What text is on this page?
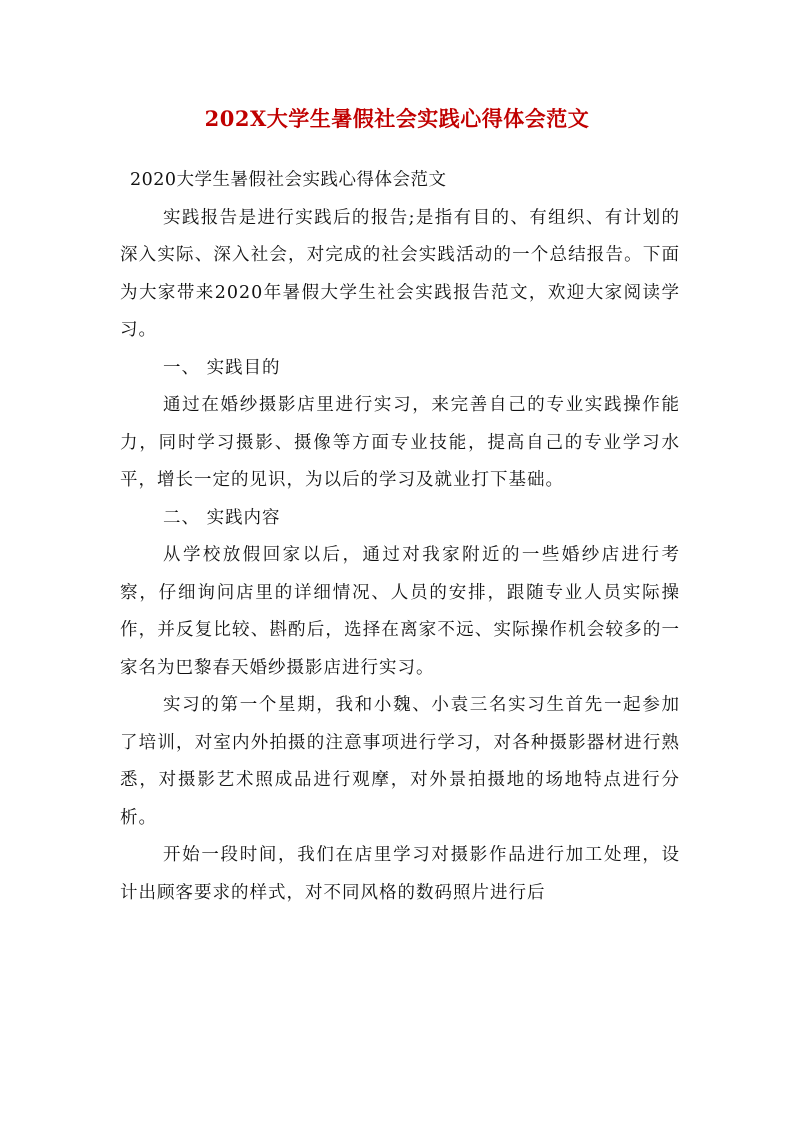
202X大学生暑假社会实践心得体会范文

2020大学生暑假社会实践心得体会范文

实践报告是进行实践后的报告;是指有目的、有组织、有计划的深入实际、深入社会，对完成的社会实践活动的一个总结报告。下面为大家带来2020年暑假大学生社会实践报告范文，欢迎大家阅读学习。

一、 实践目的

通过在婚纱摄影店里进行实习，来完善自己的专业实践操作能力，同时学习摄影、摄像等方面专业技能，提高自己的专业学习水平，增长一定的见识，为以后的学习及就业打下基础。

二、 实践内容

从学校放假回家以后，通过对我家附近的一些婚纱店进行考察，仔细询问店里的详细情况、人员的安排，跟随专业人员实际操作，并反复比较、斟酌后，选择在离家不远、实际操作机会较多的一家名为巴黎春天婚纱摄影店进行实习。

实习的第一个星期，我和小魏、小袁三名实习生首先一起参加了培训，对室内外拍摄的注意事项进行学习，对各种摄影器材进行熟悉，对摄影艺术照成品进行观摩，对外景拍摄地的场地特点进行分析。

开始一段时间，我们在店里学习对摄影作品进行加工处理，设计出顾客要求的样式，对不同风格的数码照片进行后
